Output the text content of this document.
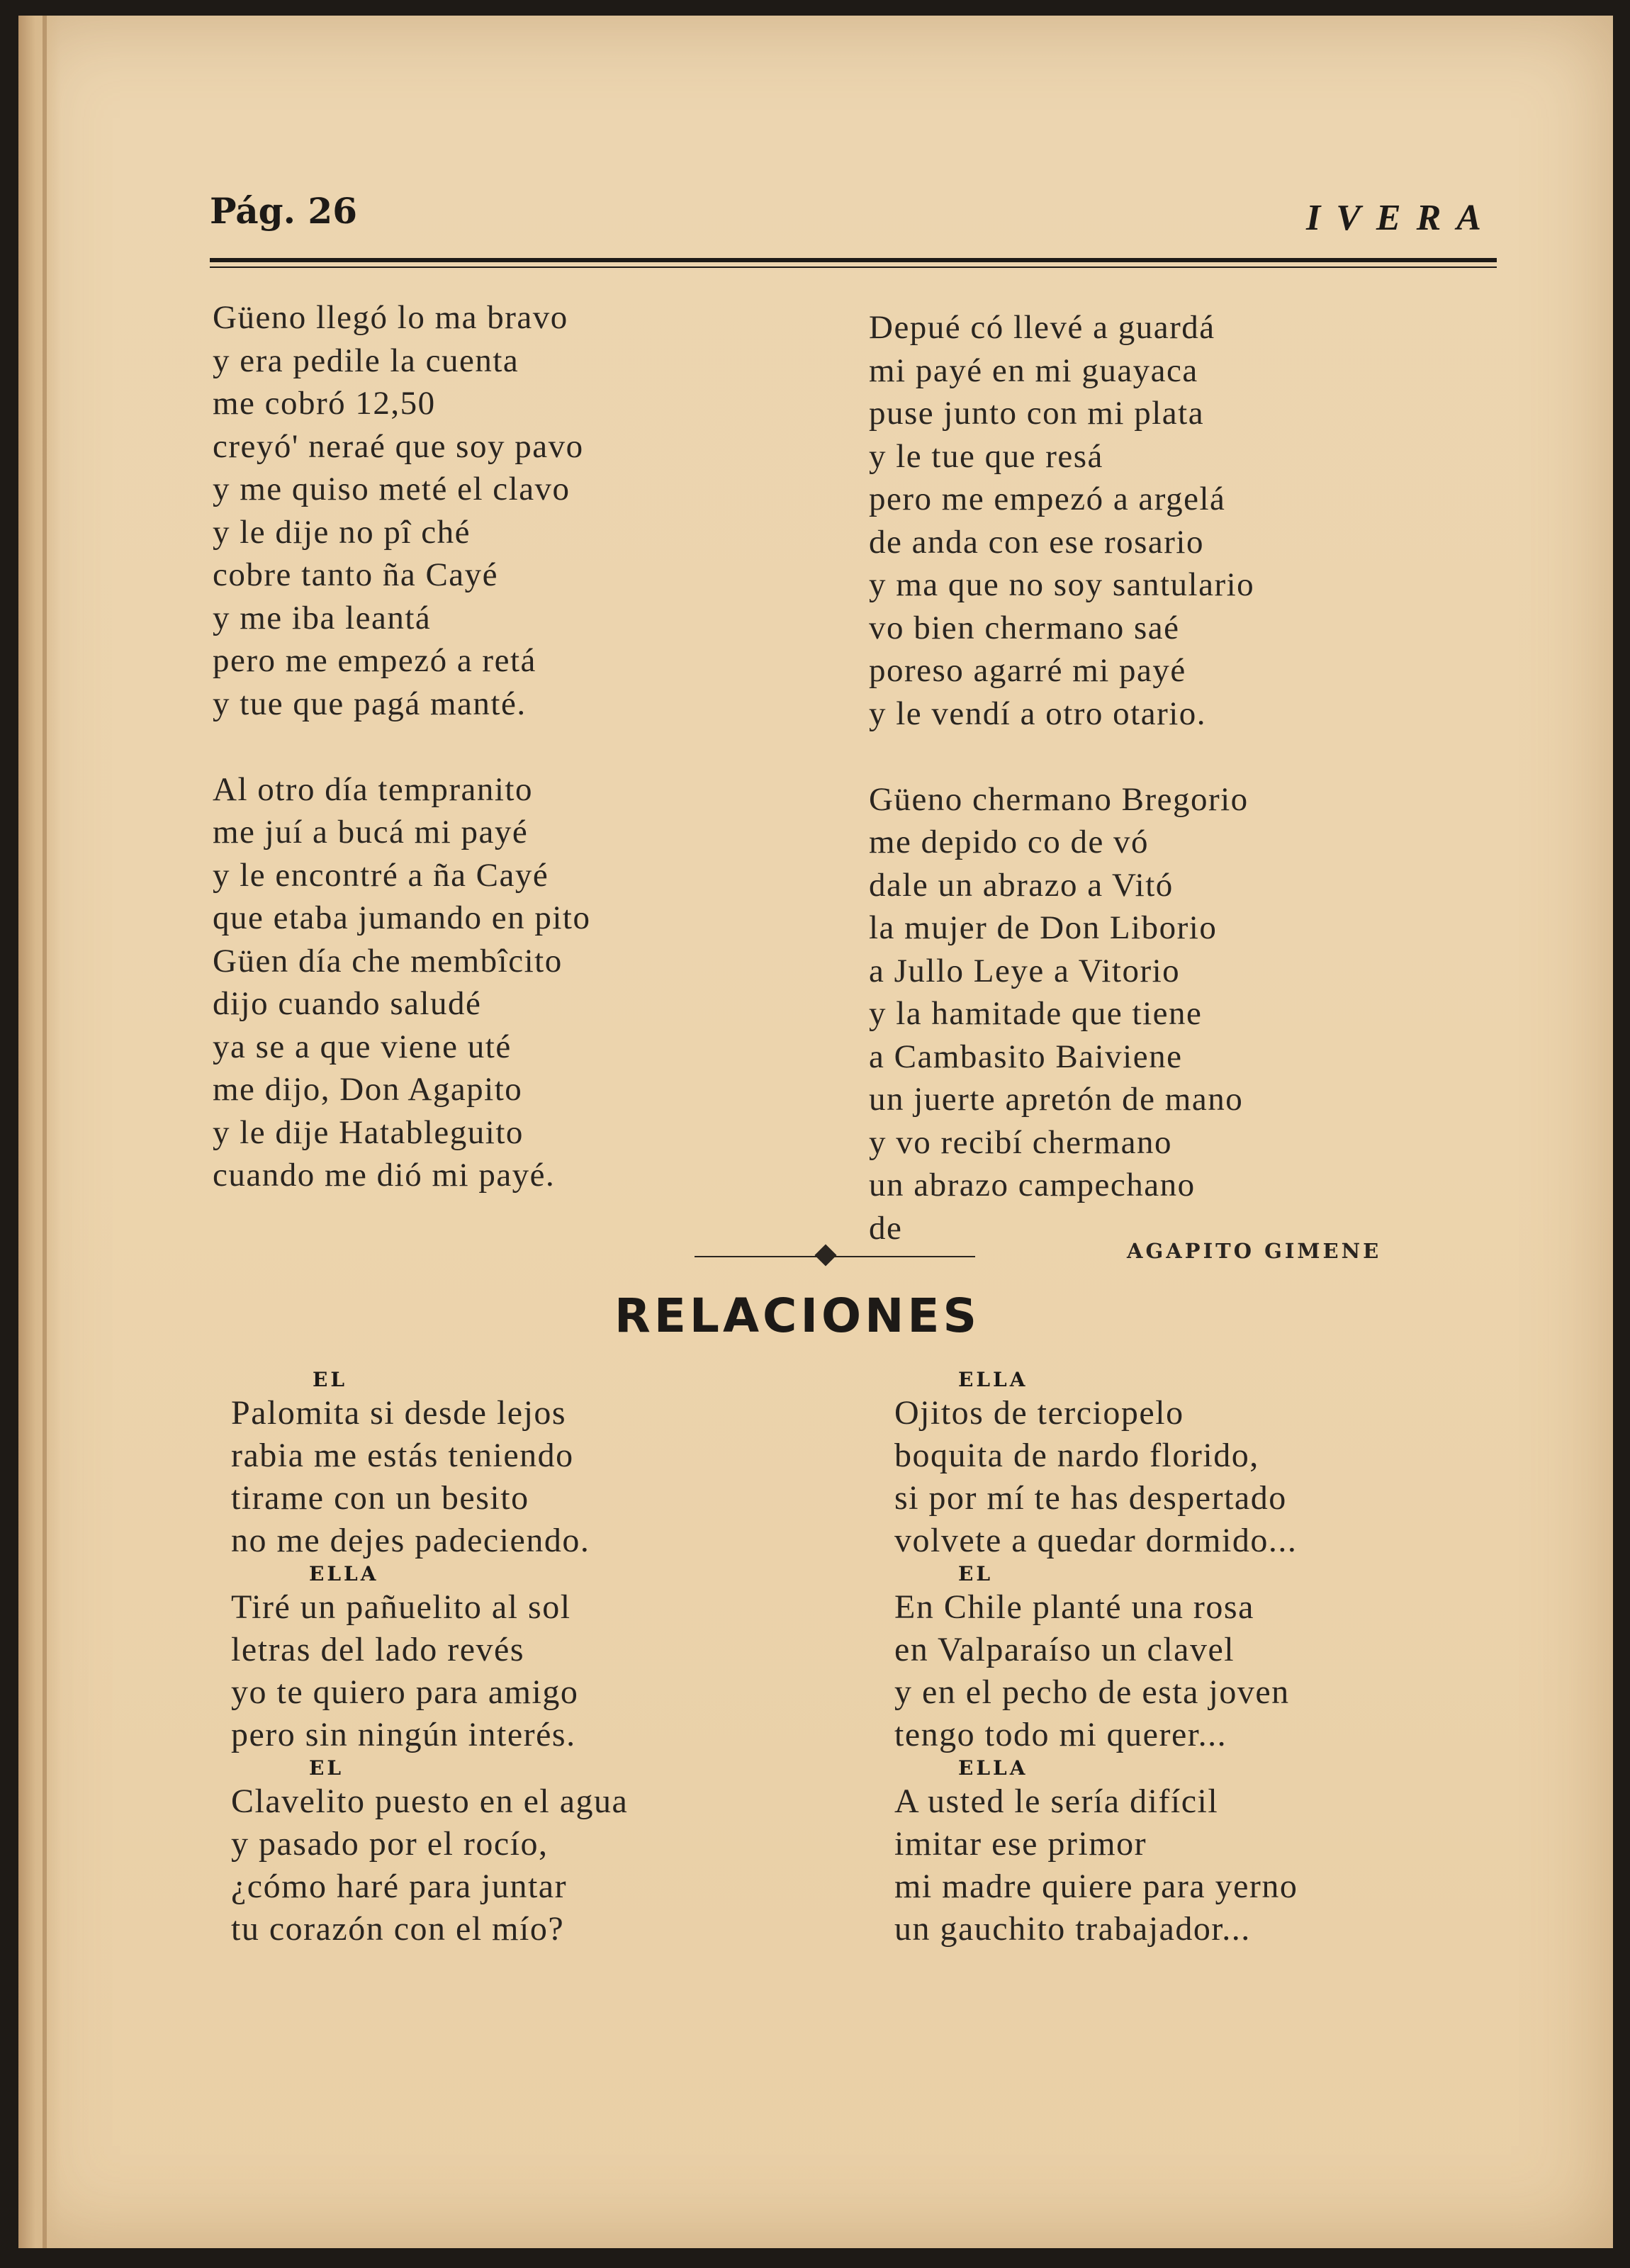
Pág. 26	IVERA
Güeno llegó lo ma bravo
y era pedile la cuenta
me cobró 12,50
creyó' neraé que soy pavo
y me quiso meté el clavo
y le dije no pî ché
cobre tanto ña Cayé
y me iba leantá
pero me empezó a retá
y tue que pagá manté.
Al otro día tempranito
me juí a bucá mi payé
y le encontré a ña Cayé
que etaba jumando en pito
Güen día che membîcito
dijo cuando saludé
ya se a que viene uté
me dijo, Don Agapito
y le dije Hatableguito
cuando me dió mi payé.
Depué có llevé a guardá
mi payé en mi guayaca
puse junto con mi plata
y le tue que resá
pero me empezó a argelá
de anda con ese rosario
y ma que no soy santulario
vo bien chermano saé
poreso agarré mi payé
y le vendí a otro otario.
Güeno chermano Bregorio
me depido co de vó
dale un abrazo a Vitó
la mujer de Don Liborio
a Jullo Leye a Vitorio
y la hamitade que tiene
a Cambasito Baiviene
un juerte apretón de mano
y vo recibí chermano
un abrazo campechano
de
AGAPITO GIMENE
RELACIONES
EL
Palomita si desde lejos
rabia me estás teniendo
tirame con un besito
no me dejes padeciendo.
ELLA
Tiré un pañuelito al sol
letras del lado revés
yo te quiero para amigo
pero sin ningún interés.
EL
Clavelito puesto en el agua
y pasado por el rocío,
¿cómo haré para juntar
tu corazón con el mío?
ELLA
Ojitos de terciopelo
boquita de nardo florido,
si por mí te has despertado
volvete a quedar dormido...
EL
En Chile planté una rosa
en Valparaíso un clavel
y en el pecho de esta joven
tengo todo mi querer...
ELLA
A usted le sería difícil
imitar ese primor
mi madre quiere para yerno
un gauchito trabajador...
